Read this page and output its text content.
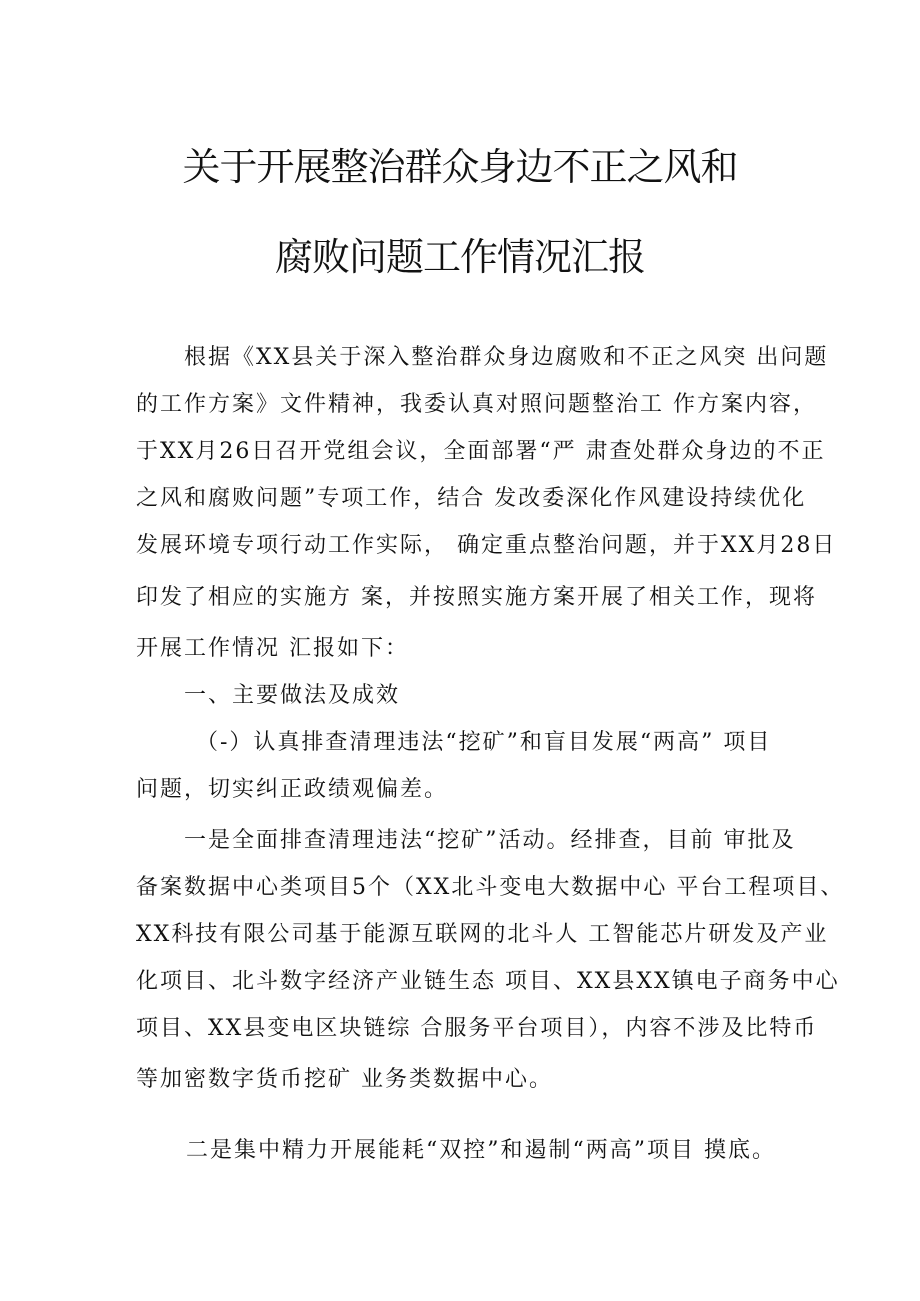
关于开展整治群众身边不正之风和
腐败问题工作情况汇报
根据《XX县关于深入整治群众身边腐败和不正之风突 出问题
的工作方案》文件精神，我委认真对照问题整治工 作方案内容，
于XX月26日召开党组会议，全面部署“严 肃查处群众身边的不正
之风和腐败问题”专项工作，结合 发改委深化作风建设持续优化
发展环境专项行动工作实际， 确定重点整治问题，并于XX月28日
印发了相应的实施方 案，并按照实施方案开展了相关工作，现将
开展工作情况 汇报如下：
一、主要做法及成效
（-）认真排查清理违法“挖矿”和盲目发展“两高” 项目
问题，切实纠正政绩观偏差。
一是全面排查清理违法“挖矿”活动。经排查，目前 审批及
备案数据中心类项目5个（XX北斗变电大数据中心 平台工程项目、
XX科技有限公司基于能源互联网的北斗人 工智能芯片研发及产业
化项目、北斗数字经济产业链生态 项目、XX县XX镇电子商务中心
项目、XX县变电区块链综 合服务平台项目），内容不涉及比特币
等加密数字货币挖矿 业务类数据中心。
二是集中精力开展能耗“双控”和遏制“两高”项目 摸底。
